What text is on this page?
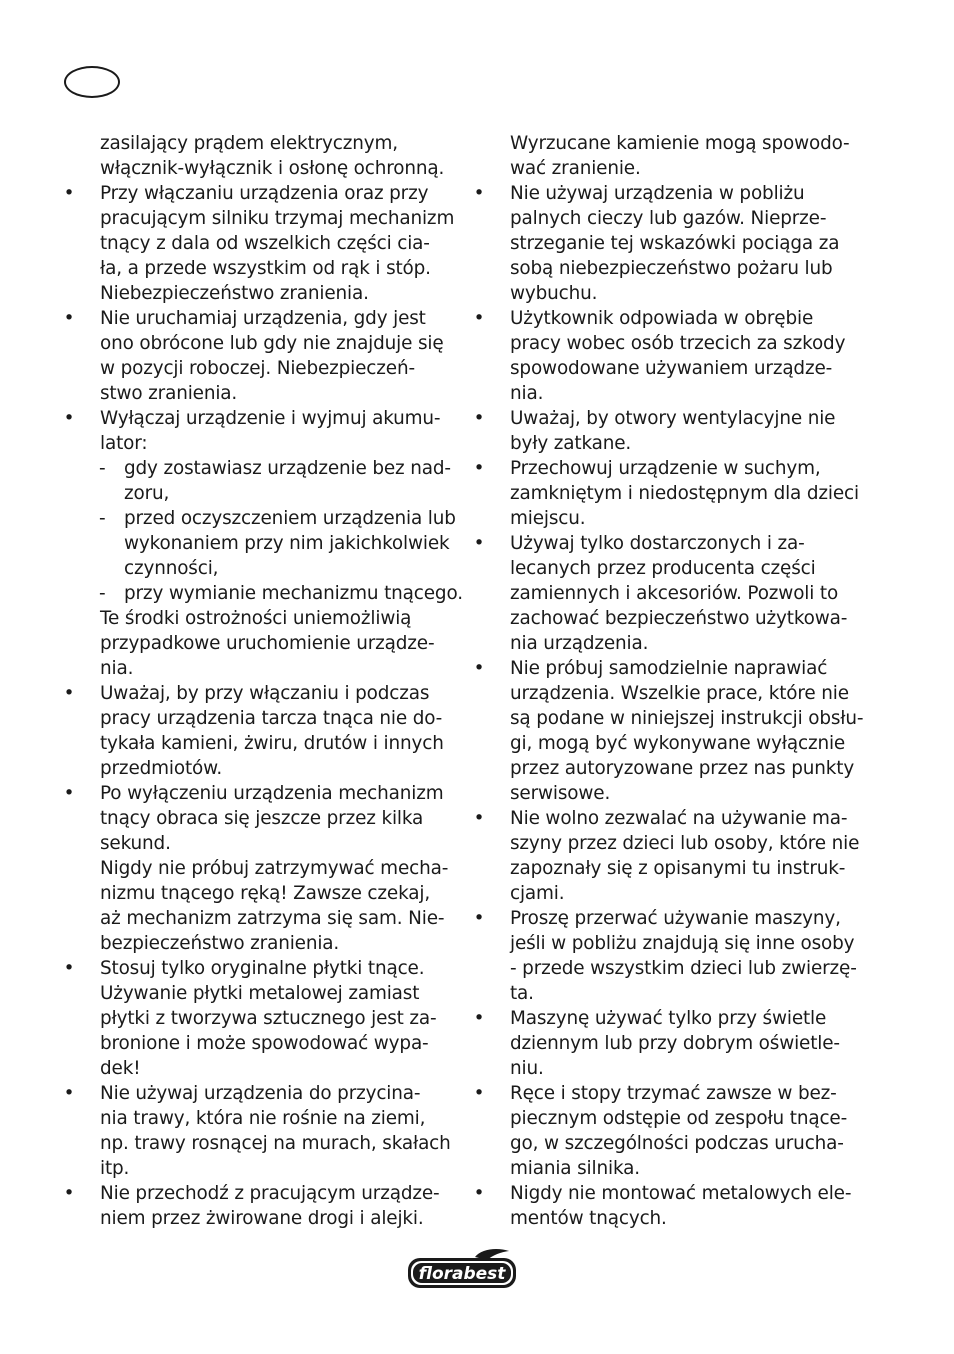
zasilający prądem elektrycznym,
włącznik-wyłącznik i osłonę ochronną.
• Przy włączaniu urządzenia oraz przy
pracującym silniku trzymaj mechanizm
tnący z dala od wszelkich części cia-
ła, a przede wszystkim od rąk i stóp.
Niebezpieczeństwo zranienia.
• Nie uruchamiaj urządzenia, gdy jest
ono obrócone lub gdy nie znajduje się
w pozycji roboczej. Niebezpieczeń-
stwo zranienia.
• Wyłączaj urządzenie i wyjmuj akumu-
lator:
- gdy zostawiasz urządzenie bez nad-
zoru,
- przed oczyszczeniem urządzenia lub
wykonaniem przy nim jakichkolwiek
czynności,
- przy wymianie mechanizmu tnącego.
Te środki ostrożności uniemożliwią
przypadkowe uruchomienie urządze-
nia.
• Uważaj, by przy włączaniu i podczas
pracy urządzenia tarcza tnąca nie do-
tykała kamieni, żwiru, drutów i innych
przedmiotów.
• Po wyłączeniu urządzenia mechanizm
tnący obraca się jeszcze przez kilka
sekund.
Nigdy nie próbuj zatrzymywać mecha-
nizmu tnącego ręką! Zawsze czekaj,
aż mechanizm zatrzyma się sam. Nie-
bezpieczeństwo zranienia.
• Stosuj tylko oryginalne płytki tnące.
Używanie płytki metalowej zamiast
płytki z tworzywa sztucznego jest za-
bronione i może spowodować wypa-
dek!
• Nie używaj urządzenia do przycina-
nia trawy, która nie rośnie na ziemi,
np. trawy rosnącej na murach, skałach
itp.
• Nie przechodź z pracującym urządze-
niem przez żwirowane drogi i alejki.
Wyrzucane kamienie mogą spowodo-
wać zranienie.
• Nie używaj urządzenia w pobliżu
palnych cieczy lub gazów. Nieprze-
strzeganie tej wskazówki pociąga za
sobą niebezpieczeństwo pożaru lub
wybuchu.
• Użytkownik odpowiada w obrębie
pracy wobec osób trzecich za szkody
spowodowane używaniem urządze-
nia.
• Uważaj, by otwory wentylacyjne nie
były zatkane.
• Przechowuj urządzenie w suchym,
zamkniętym i niedostępnym dla dzieci
miejscu.
• Używaj tylko dostarczonych i za-
lecanych przez producenta części
zamiennych i akcesoriów. Pozwoli to
zachować bezpieczeństwo użytkowa-
nia urządzenia.
• Nie próbuj samodzielnie naprawiać
urządzenia. Wszelkie prace, które nie
są podane w niniejszej instrukcji obsłu-
gi, mogą być wykonywane wyłącznie
przez autoryzowane przez nas punkty
serwisowe.
• Nie wolno zezwalać na używanie ma-
szyny przez dzieci lub osoby, które nie
zapoznały się z opisanymi tu instruk-
cjami.
• Proszę przerwać używanie maszyny,
jeśli w pobliżu znajdują się inne osoby
- przede wszystkim dzieci lub zwierzę-
ta.
• Maszynę używać tylko przy świetle
dziennym lub przy dobrym oświetle-
niu.
• Ręce i stopy trzymać zawsze w bez-
piecznym odstępie od zespołu tnące-
go, w szczególności podczas urucha-
miania silnika.
• Nigdy nie montować metalowych ele-
mentów tnących.
florabest
